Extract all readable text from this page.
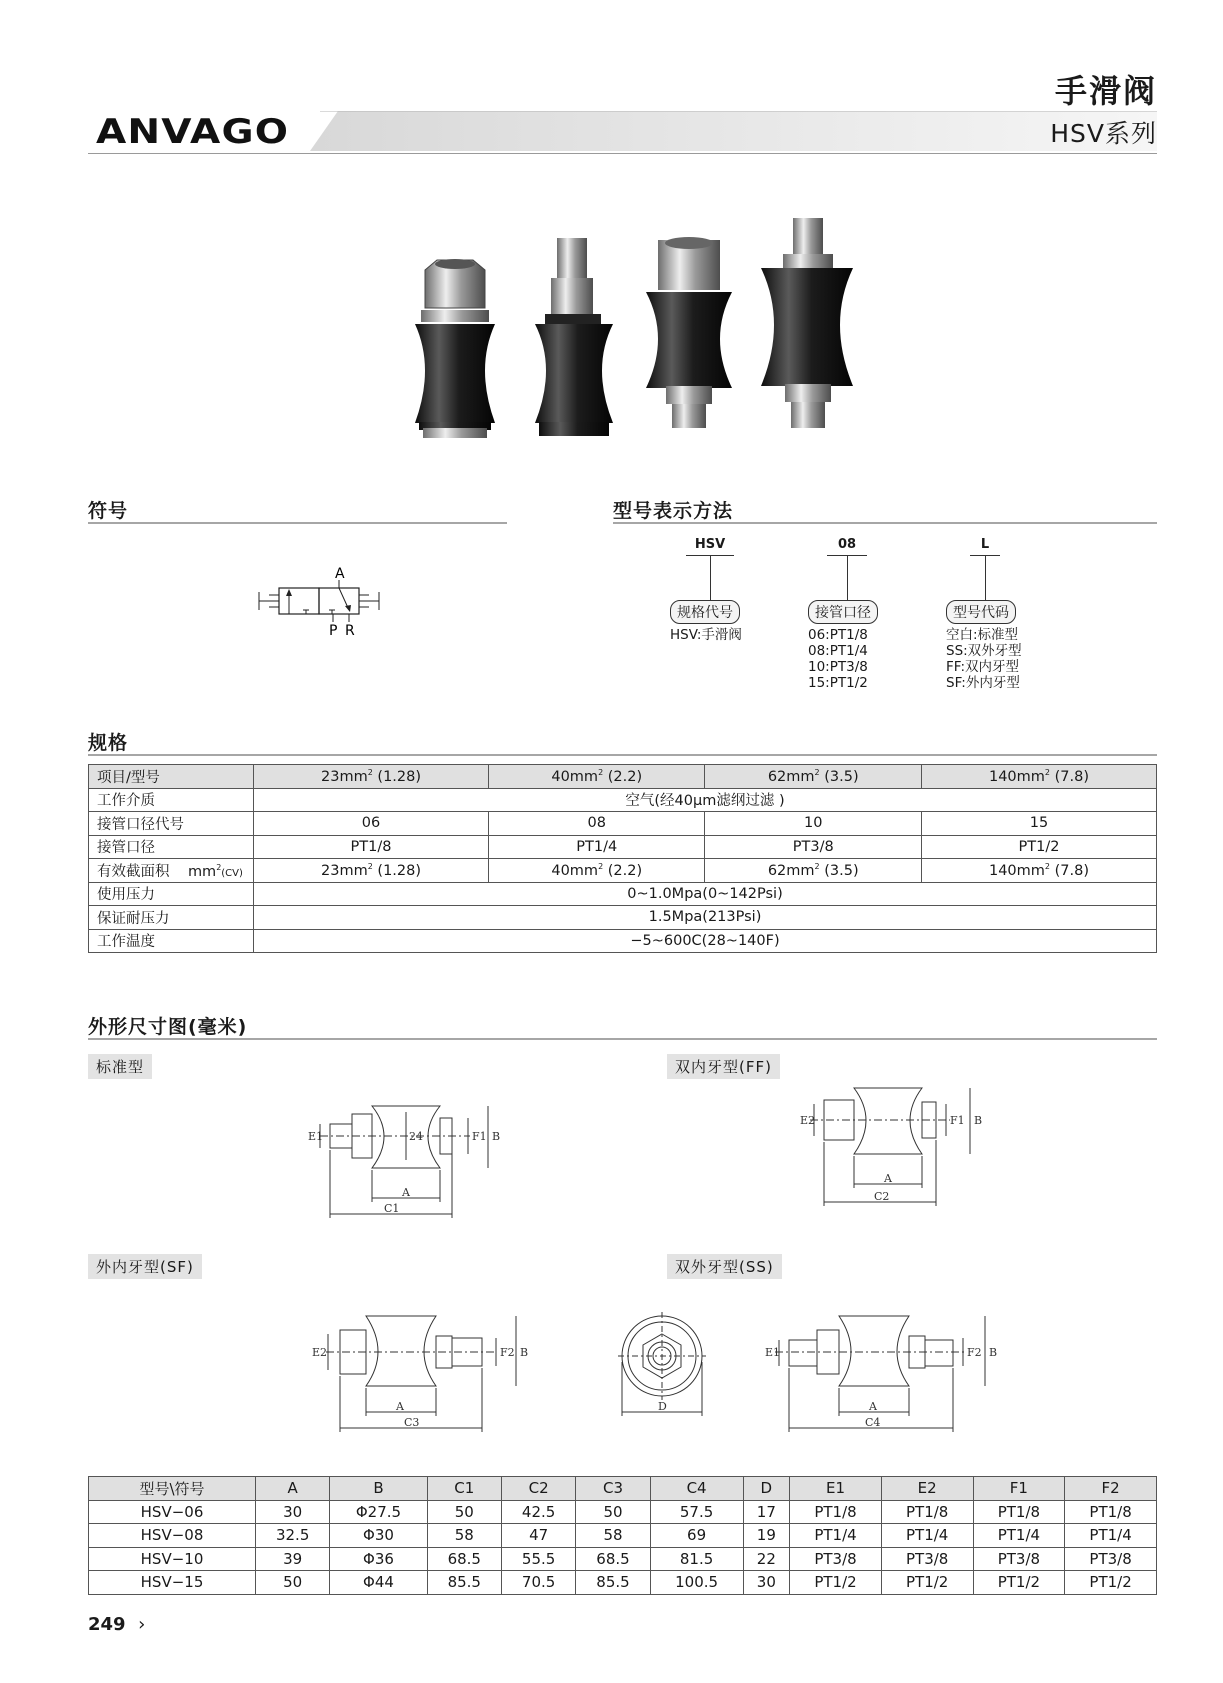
ANVAGO
手滑阀
HSV系列
符号
A
P R
型号表示方法
HSV
规格代号
HSV:手滑阀
08
接管口径
06:PT1/8
08:PT1/4
10:PT3/8
15:PT1/2
L
型号代码
空白:标准型
SS:双外牙型
FF:双内牙型
SF:外内牙型
规格
项目/型号	$23mm^2$ (1.28)	$40mm^2$ (2.2)	$62mm^2$ (3.5)	$140mm^2$ (7.8)
工作介质	空气(经40μm滤纲过滤 )			
接管口径代号	06	08	10	15
接管口径	PT1/8	PT1/4	PT3/8	PT1/2
有效截面积 $mm^2(CV)$	$23mm^2$ (1.28)	$40mm^2$ (2.2)	$62mm^2$ (3.5)	$140mm^2$ (7.8)
使用压力	0~1.0Mpa(0~142Psi)			
保证耐压力	1.5Mpa(213Psi)			
工作温度	−5~600C(28~140F)			
外形尺寸图(毫米)
标准型	双内牙型(FF)
外内牙型(SF)	双外牙型(SS)
E1	24	F1 B
A
C1
E2	F1 B
A
C2
E2	F2 B
A
C3
D
E1	F2 B
A
C4
型号\符号	A	B	C1	C2	C3	C4	D	E1	E2	F1	F2
HSV−06	30	Φ27.5	50	42.5	50	57.5	17	PT1/8	PT1/8	PT1/8	PT1/8
HSV−08	32.5	Φ30	58	47	58	69	19	PT1/4	PT1/4	PT1/4	PT1/4
HSV−10	39	Φ36	68.5	55.5	68.5	81.5	22	PT3/8	PT3/8	PT3/8	PT3/8
HSV−15	50	Φ44	85.5	70.5	85.5	100.5	30	PT1/2	PT1/2	PT1/2	PT1/2
249 ›
